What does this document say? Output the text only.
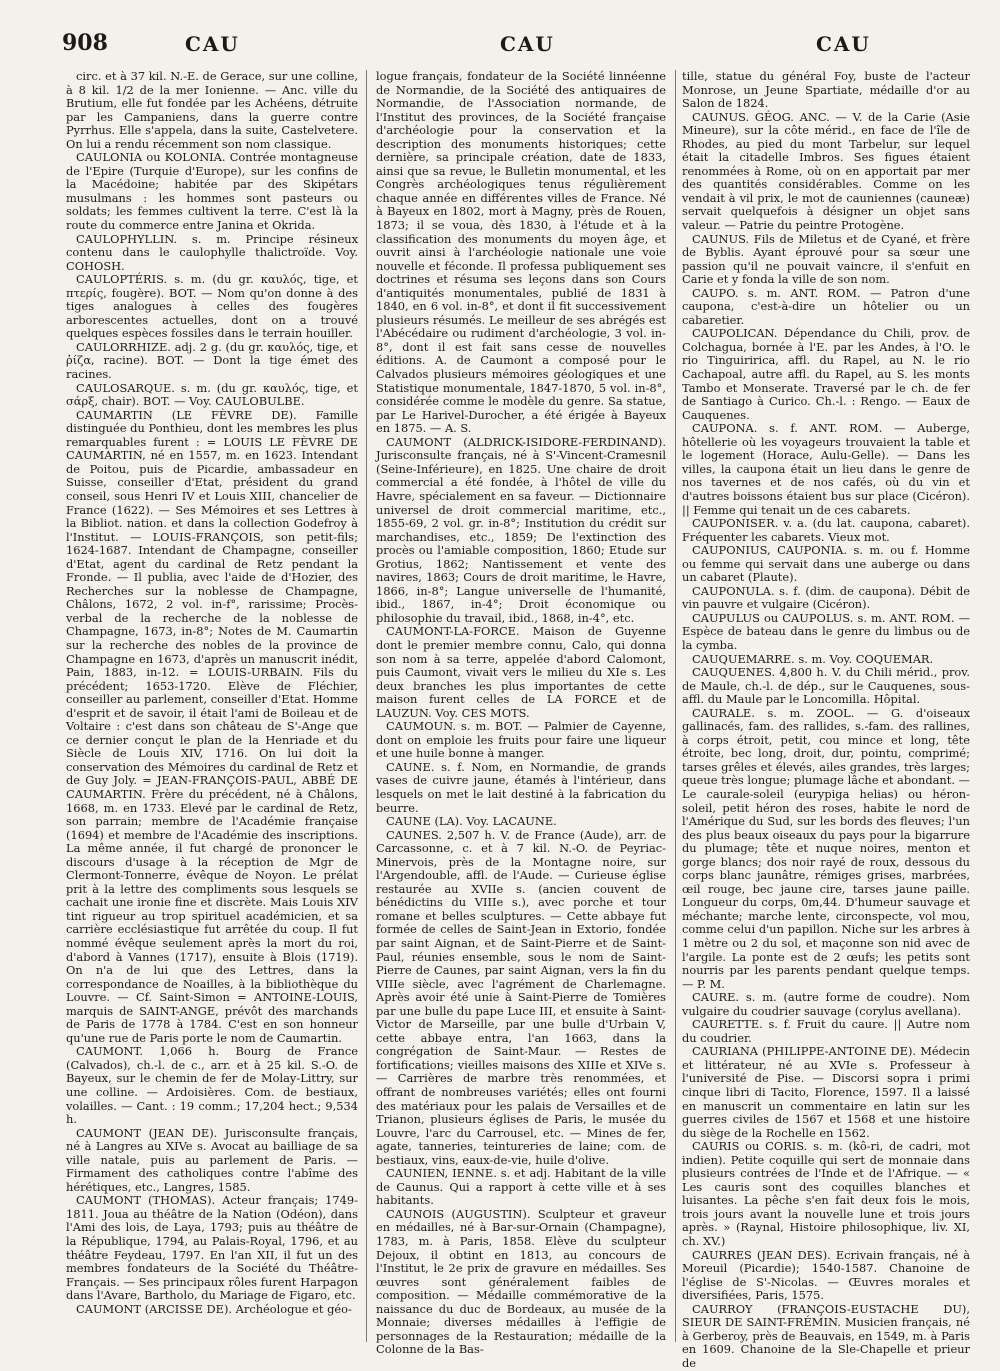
908	CAU	CAU	CAU

circ. et à 37 kil. N.-E. de Gerace, sur une colline, à 8 kil. 1/2 de la mer Ionienne. — Anc. ville du Brutium, elle fut fondée par les Achéens, détruite par les Campaniens, dans la guerre contre Pyrrhus. Elle s'appela, dans la suite, Castelvetere. On lui a rendu récemment son nom classique.

CAULONIA ou KOLONIA. Contrée montagneuse de l'Epire (Turquie d'Europe), sur les confins de la Macédoine; habitée par des Skipétars musulmans : les hommes sont pasteurs ou soldats; les femmes cultivent la terre. C'est là la route du commerce entre Janina et Okrida.

CAULOPHYLLIN. s. m. Principe résineux contenu dans le caulophylle thalictroïde. Voy. COHOSH.

CAULOPTÉRIS. s. m. (du gr. καυλός, tige, et πτερίς, fougère). BOT. — Nom qu'on donne à des tiges analogues à celles des fougères arborescentes actuelles, dont on a trouvé quelques espèces fossiles dans le terrain houiller.

CAULORRHIZE. adj. 2 g. (du gr. καυλός, tige, et ῥίζα, racine). BOT. — Dont la tige émet des racines.

CAULOSARQUE. s. m. (du gr. καυλός, tige, et σάρξ, chair). BOT. — Voy. CAULOBULBE.

CAUMARTIN (LE FÈVRE DE). Famille distinguée du Ponthieu, dont les membres les plus remarquables furent : = LOUIS LE FÈVRE DE CAUMARTIN, né en 1557, m. en 1623. Intendant de Poitou, puis de Picardie, ambassadeur en Suisse, conseiller d'Etat, président du grand conseil, sous Henri IV et Louis XIII, chancelier de France (1622). — Ses Mémoires et ses Lettres à la Bibliot. nation. et dans la collection Godefroy à l'Institut. — LOUIS-FRANÇOIS, son petit-fils; 1624-1687. Intendant de Champagne, conseiller d'Etat, agent du cardinal de Retz pendant la Fronde. — Il publia, avec l'aide de d'Hozier, des Recherches sur la noblesse de Champagne, Châlons, 1672, 2 vol. in-f°, rarissime; Procès-verbal de la recherche de la noblesse de Champagne, 1673, in-8°; Notes de M. Caumartin sur la recherche des nobles de la province de Champagne en 1673, d'après un manuscrit inédit, Pain, 1883, in-12. = LOUIS-URBAIN. Fils du précédent; 1653-1720. Elève de Fléchier, conseiller au parlement, conseiller d'Etat. Homme d'esprit et de savoir, il était l'ami de Boileau et de Voltaire : c'est dans son château de S'-Ange que ce dernier conçut le plan de la Henriade et du Siècle de Louis XIV, 1716. On lui doit la conservation des Mémoires du cardinal de Retz et de Guy Joly. = JEAN-FRANÇOIS-PAUL, ABBÉ DE CAUMARTIN. Frère du précédent, né à Châlons, 1668, m. en 1733. Elevé par le cardinal de Retz, son parrain; membre de l'Académie française (1694) et membre de l'Académie des inscriptions. La même année, il fut chargé de prononcer le discours d'usage à la réception de Mgr de Clermont-Tonnerre, évêque de Noyon. Le prélat prit à la lettre des compliments sous lesquels se cachait une ironie fine et discrète. Mais Louis XIV tint rigueur au trop spirituel académicien, et sa carrière ecclésiastique fut arrêtée du coup. Il fut nommé évêque seulement après la mort du roi, d'abord à Vannes (1717), ensuite à Blois (1719). On n'a de lui que des Lettres, dans la correspondance de Noailles, à la bibliothèque du Louvre. — Cf. Saint-Simon = ANTOINE-LOUIS, marquis de SAINT-ANGE, prévôt des marchands de Paris de 1778 à 1784. C'est en son honneur qu'une rue de Paris porte le nom de Caumartin.

CAUMONT. 1,066 h. Bourg de France (Calvados), ch.-l. de c., arr. et à 25 kil. S.-O. de Bayeux, sur le chemin de fer de Molay-Littry, sur une colline. — Ardoisières. Com. de bestiaux, volailles. — Cant. : 19 comm.; 17,204 hect.; 9,534 h.

CAUMONT (JEAN DE). Jurisconsulte français, né à Langres au XIVe s. Avocat au bailliage de sa ville natale, puis au parlement de Paris. — Firmament des catholiques contre l'abîme des hérétiques, etc., Langres, 1585.

CAUMONT (THOMAS). Acteur français; 1749-1811. Joua au théâtre de la Nation (Odéon), dans l'Ami des lois, de Laya, 1793; puis au théâtre de la République, 1794, au Palais-Royal, 1796, et au théâtre Feydeau, 1797. En l'an XII, il fut un des membres fondateurs de la Société du Théâtre-Français. — Ses principaux rôles furent Harpagon dans l'Avare, Bartholo, du Mariage de Figaro, etc.

CAUMONT (ARCISSE DE). Archéologue et géo-

logue français, fondateur de la Société linnéenne de Normandie, de la Société des antiquaires de Normandie, de l'Association normande, de l'Institut des provinces, de la Société française d'archéologie pour la conservation et la description des monuments historiques; cette dernière, sa principale création, date de 1833, ainsi que sa revue, le Bulletin monumental, et les Congrès archéologiques tenus régulièrement chaque année en différentes villes de France. Né à Bayeux en 1802, mort à Magny, près de Rouen, 1873; il se voua, dès 1830, à l'étude et à la classification des monuments du moyen âge, et ouvrit ainsi à l'archéologie nationale une voie nouvelle et féconde. Il professa publiquement ses doctrines et résuma ses leçons dans son Cours d'antiquités monumentales, publié de 1831 à 1840, en 6 vol. in-8°, et dont il fit successivement plusieurs résumés. Le meilleur de ses abrégés est l'Abécédaire ou rudiment d'archéologie, 3 vol. in-8°, dont il est fait sans cesse de nouvelles éditions. A. de Caumont a composé pour le Calvados plusieurs mémoires géologiques et une Statistique monumentale, 1847-1870, 5 vol. in-8°, considérée comme le modèle du genre. Sa statue, par Le Harivel-Durocher, a été érigée à Bayeux en 1875. — A. S.

CAUMONT (ALDRICK-ISIDORE-FERDINAND). Jurisconsulte français, né à S'-Vincent-Cramesnil (Seine-Inférieure), en 1825. Une chaire de droit commercial a été fondée, à l'hôtel de ville du Havre, spécialement en sa faveur. — Dictionnaire universel de droit commercial maritime, etc., 1855-69, 2 vol. gr. in-8°; Institution du crédit sur marchandises, etc., 1859; De l'extinction des procès ou l'amiable composition, 1860; Etude sur Grotius, 1862; Nantissement et vente des navires, 1863; Cours de droit maritime, le Havre, 1866, in-8°; Langue universelle de l'humanité, ibid., 1867, in-4°; Droit économique ou philosophie du travail, ibid., 1868, in-4°, etc.

CAUMONT-LA-FORCE. Maison de Guyenne dont le premier membre connu, Calo, qui donna son nom à sa terre, appelée d'abord Calomont, puis Caumont, vivait vers le milieu du XIe s. Les deux branches les plus importantes de cette maison furent celles de LA FORCE et de LAUZUN. Voy. CES MOTS.

CAUMOUN. s. m. BOT. — Palmier de Cayenne, dont on emploie les fruits pour faire une liqueur et une huile bonne à manger.

CAUNE. s. f. Nom, en Normandie, de grands vases de cuivre jaune, étamés à l'intérieur, dans lesquels on met le lait destiné à la fabrication du beurre.

CAUNE (LA). Voy. LACAUNE.

CAUNES. 2,507 h. V. de France (Aude), arr. de Carcassonne, c. et à 7 kil. N.-O. de Peyriac-Minervois, près de la Montagne noire, sur l'Argendouble, affl. de l'Aude. — Curieuse église restaurée au XVIIe s. (ancien couvent de bénédictins du VIIIe s.), avec porche et tour romane et belles sculptures. — Cette abbaye fut formée de celles de Saint-Jean in Extorio, fondée par saint Aignan, et de Saint-Pierre et de Saint-Paul, réunies ensemble, sous le nom de Saint-Pierre de Caunes, par saint Aignan, vers la fin du VIIIe siècle, avec l'agrément de Charlemagne. Après avoir été unie à Saint-Pierre de Tomières par une bulle du pape Luce III, et ensuite à Saint-Victor de Marseille, par une bulle d'Urbain V, cette abbaye entra, l'an 1663, dans la congrégation de Saint-Maur. — Restes de fortifications; vieilles maisons des XIIIe et XIVe s. — Carrières de marbre très renommées, et offrant de nombreuses variétés; elles ont fourni des matériaux pour les palais de Versailles et de Trianon, plusieurs églises de Paris, le musée du Louvre, l'arc du Carrousel, etc. — Mines de fer, agate, tanneries, teintureries de laine; com. de bestiaux, vins, eaux-de-vie, huile d'olive.

CAUNIEN, IENNE. s. et adj. Habitant de la ville de Caunus. Qui a rapport à cette ville et à ses habitants.

CAUNOIS (AUGUSTIN). Sculpteur et graveur en médailles, né à Bar-sur-Ornain (Champagne), 1783, m. à Paris, 1858. Elève du sculpteur Dejoux, il obtint en 1813, au concours de l'Institut, le 2e prix de gravure en médailles. Ses œuvres sont généralement faibles de composition. — Médaille commémorative de la naissance du duc de Bordeaux, au musée de la Monnaie; diverses médailles à l'effigie de personnages de la Restauration; médaille de la Colonne de la Bas-

tille, statue du général Foy, buste de l'acteur Monrose, un Jeune Spartiate, médaille d'or au Salon de 1824.

CAUNUS. GÉOG. ANC. — V. de la Carie (Asie Mineure), sur la côte mérid., en face de l'île de Rhodes, au pied du mont Tarbelur, sur lequel était la citadelle Imbros. Ses figues étaient renommées à Rome, où on en apportait par mer des quantités considérables. Comme on les vendait à vil prix, le mot de cauniennes (cauneæ) servait quelquefois à désigner un objet sans valeur. — Patrie du peintre Protogène.

CAUNUS. Fils de Miletus et de Cyané, et frère de Byblis. Ayant éprouvé pour sa sœur une passion qu'il ne pouvait vaincre, il s'enfuit en Carie et y fonda la ville de son nom.

CAUPO. s. m. ANT. ROM. — Patron d'une caupona, c'est-à-dire un hôtelier ou un cabaretier.

CAUPOLICAN. Dépendance du Chili, prov. de Colchagua, bornée à l'E. par les Andes, à l'O. le rio Tinguiririca, affl. du Rapel, au N. le rio Cachapoal, autre affl. du Rapel, au S. les monts Tambo et Monserate. Traversé par le ch. de fer de Santiago à Curico. Ch.-l. : Rengo. — Eaux de Cauquenes.

CAUPONA. s. f. ANT. ROM. — Auberge, hôtellerie où les voyageurs trouvaient la table et le logement (Horace, Aulu-Gelle). — Dans les villes, la caupona était un lieu dans le genre de nos tavernes et de nos cafés, où du vin et d'autres boissons étaient bus sur place (Cicéron). || Femme qui tenait un de ces cabarets.

CAUPONISER. v. a. (du lat. caupona, cabaret). Fréquenter les cabarets. Vieux mot.

CAUPONIUS, CAUPONIA. s. m. ou f. Homme ou femme qui servait dans une auberge ou dans un cabaret (Plaute).

CAUPONULA. s. f. (dim. de caupona). Débit de vin pauvre et vulgaire (Cicéron).

CAUPULUS ou CAUPOLUS. s. m. ANT. ROM. — Espèce de bateau dans le genre du limbus ou de la cymba.

CAUQUEMARRE. s. m. Voy. COQUEMAR.

CAUQUENES. 4,800 h. V. du Chili mérid., prov. de Maule, ch.-l. de dép., sur le Cauquenes, sous-affl. du Maule par le Loncomilla. Hôpital.

CAURALE. s. m. ZOOL. — G. d'oiseaux gallinacés, fam. des rallides, s.-fam. des rallines, à corps étroit, petit, cou mince et long, tête étroite, bec long, droit, dur, pointu, comprimé; tarses grêles et élevés, ailes grandes, très larges; queue très longue; plumage lâche et abondant. — Le caurale-soleil (eurypiga helias) ou héron-soleil, petit héron des roses, habite le nord de l'Amérique du Sud, sur les bords des fleuves; l'un des plus beaux oiseaux du pays pour la bigarrure du plumage; tête et nuque noires, menton et gorge blancs; dos noir rayé de roux, dessous du corps blanc jaunâtre, rémiges grises, marbrées, œil rouge, bec jaune cire, tarses jaune paille. Longueur du corps, 0m,44. D'humeur sauvage et méchante; marche lente, circonspecte, vol mou, comme celui d'un papillon. Niche sur les arbres à 1 mètre ou 2 du sol, et maçonne son nid avec de l'argile. La ponte est de 2 œufs; les petits sont nourris par les parents pendant quelque temps. — P. M.

CAURE. s. m. (autre forme de coudre). Nom vulgaire du coudrier sauvage (corylus avellana).

CAURETTE. s. f. Fruit du caure. || Autre nom du coudrier.

CAURIANA (PHILIPPE-ANTOINE DE). Médecin et littérateur, né au XVIe s. Professeur à l'université de Pise. — Discorsi sopra i primi cinque libri di Tacito, Florence, 1597. Il a laissé en manuscrit un commentaire en latin sur les guerres civiles de 1567 et 1568 et une histoire du siège de la Rochelle en 1562.

CAURIS ou CORIS. s. m. (kô-ri, de cadri, mot indien). Petite coquille qui sert de monnaie dans plusieurs contrées de l'Inde et de l'Afrique. — « Les cauris sont des coquilles blanches et luisantes. La pêche s'en fait deux fois le mois, trois jours avant la nouvelle lune et trois jours après. » (Raynal, Histoire philosophique, liv. XI, ch. XV.)

CAURRES (JEAN DES). Ecrivain français, né à Moreuil (Picardie); 1540-1587. Chanoine de l'église de S'-Nicolas. — Œuvres morales et diversifiées, Paris, 1575.

CAURROY (FRANÇOIS-EUSTACHE DU), SIEUR DE SAINT-FRÉMIN. Musicien français, né à Gerberoy, près de Beauvais, en 1549, m. à Paris en 1609. Chanoine de la Sle-Chapelle et prieur de
